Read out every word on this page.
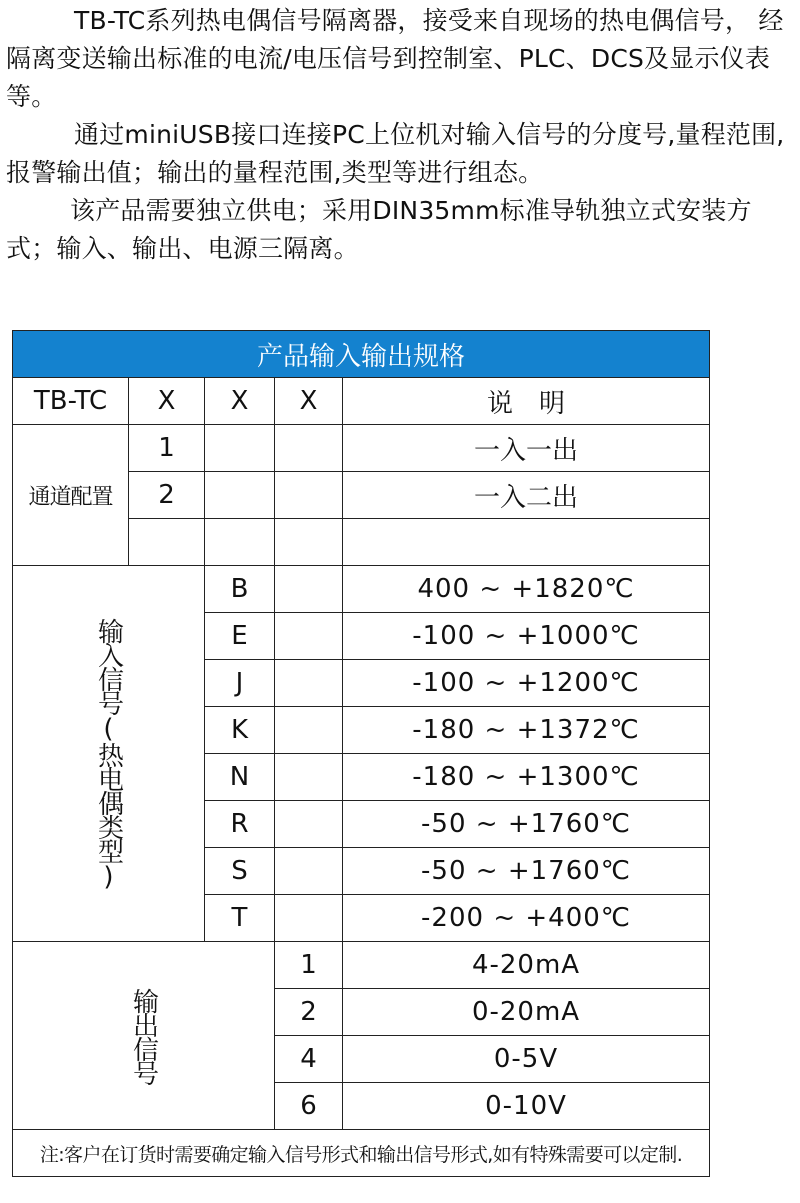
TB-TC系列热电偶信号隔离器，接受来自现场的热电偶信号， 经隔离变送输出标准的电流/电压信号到控制室、PLC、DCS及显示仪表等。

通过miniUSB接口连接PC上位机对输入信号的分度号,量程范围,报警输出值；输出的量程范围,类型等进行组态。

该产品需要独立供电；采用DIN35mm标准导轨独立式安装方式；输入、输出、电源三隔离。

产品输入输出规格				
TB-TC	X	X	X	说　明
通道配置	1			一入一出
	2			一入二出

输入信号(热电偶类型)		B		400 ~ +1820℃
		E		-100 ~ +1000℃
		J		-100 ~ +1200℃
		K		-180 ~ +1372℃
		N		-180 ~ +1300℃
		R		-50 ~ +1760℃
		S		-50 ~ +1760℃
		T		-200 ~ +400℃

输出信号			1	4-20mA
			2	0-20mA
			4	0-5V
			6	0-10V
注:客户在订货时需要确定输入信号形式和输出信号形式,如有特殊需要可以定制.				
